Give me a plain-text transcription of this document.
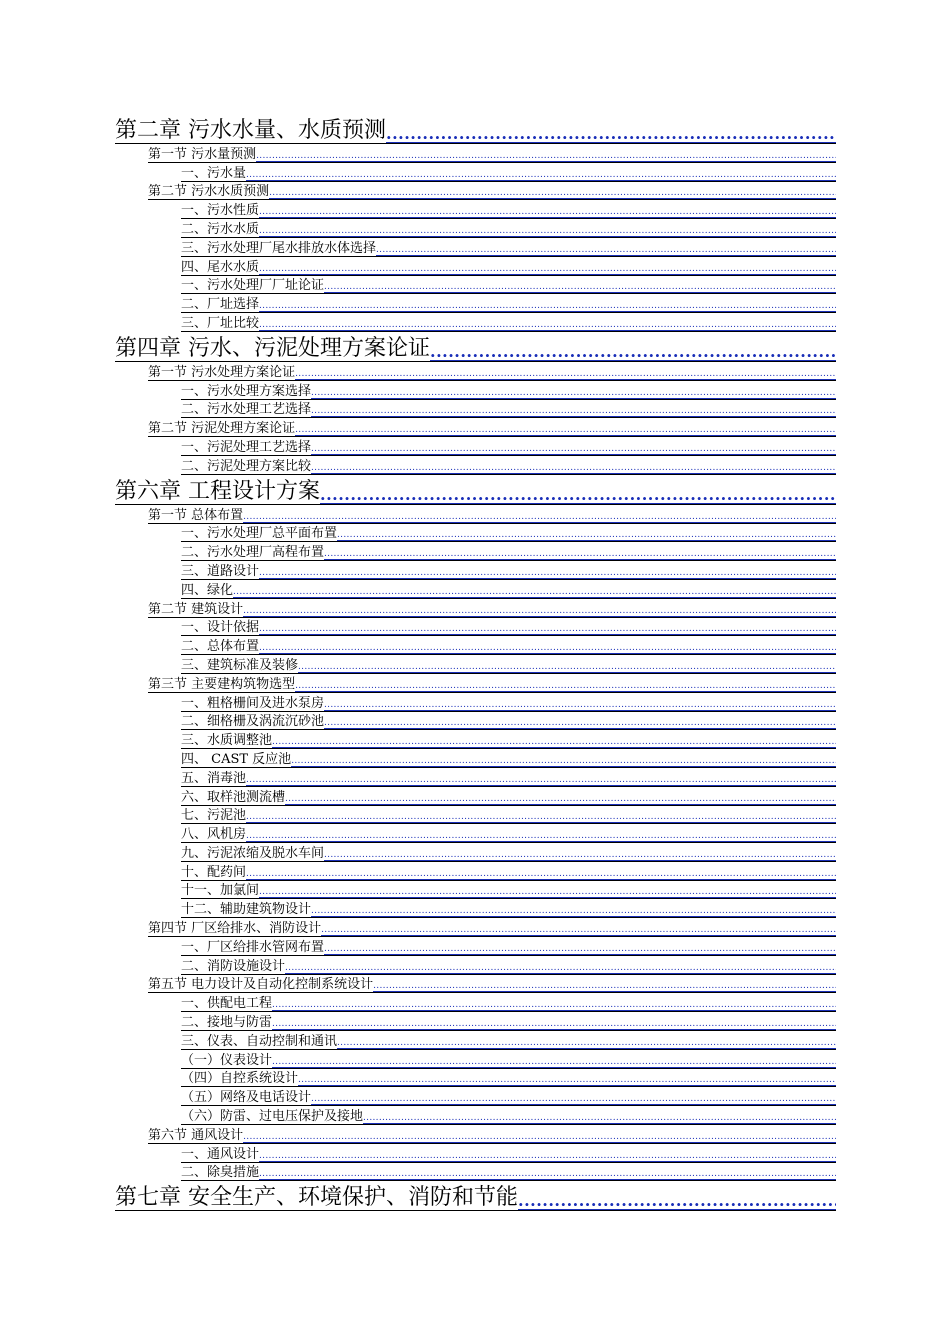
第二章 污水水量、水质预测
.....
第一节 污水量预测
.....
一、污水量
.....
第二节 污水水质预测
.....
一、污水性质
.....
二、污水水质
.....
三、污水处理厂尾水排放水体选择
.....
四、尾水水质
.....
一、污水处理厂厂址论证
.....
二、厂址选择
.....
三、厂址比较
.....
第四章 污水、污泥处理方案论证
.....
第一节 污水处理方案论证
.....
一、污水处理方案选择
.....
二、污水处理工艺选择
.....
第二节 污泥处理方案论证
.....
一、污泥处理工艺选择
.....
二、污泥处理方案比较
.....
第六章 工程设计方案
.....
第一节 总体布置
.....
一、污水处理厂总平面布置
.....
二、污水处理厂高程布置
.....
三、道路设计
.....
四、绿化
.....
第二节 建筑设计
.....
一、设计依据
.....
二、总体布置
.....
三、建筑标准及装修
.....
第三节 主要建构筑物选型
.....
一、粗格栅间及进水泵房
.....
二、细格栅及涡流沉砂池
.....
三、水质调整池
.....
四、 CAST 反应池
.....
五、消毒池
.....
六、取样池测流槽
.....
七、污泥池
.....
八、风机房
.....
九、污泥浓缩及脱水车间
.....
十、配药间
.....
十一、加氯间
.....
十二、辅助建筑物设计
.....
第四节 厂区给排水、消防设计
.....
一、厂区给排水管网布置
.....
二、消防设施设计
.....
第五节 电力设计及自动化控制系统设计
.....
一、供配电工程
.....
二、接地与防雷
.....
三、仪表、自动控制和通讯
.....
（一）仪表设计
.....
（四）自控系统设计
.....
（五）网络及电话设计
.....
（六）防雷、过电压保护及接地
.....
第六节 通风设计
.....
一、通风设计
.....
二、除臭措施
.....
第七章 安全生产、环境保护、消防和节能
.....
